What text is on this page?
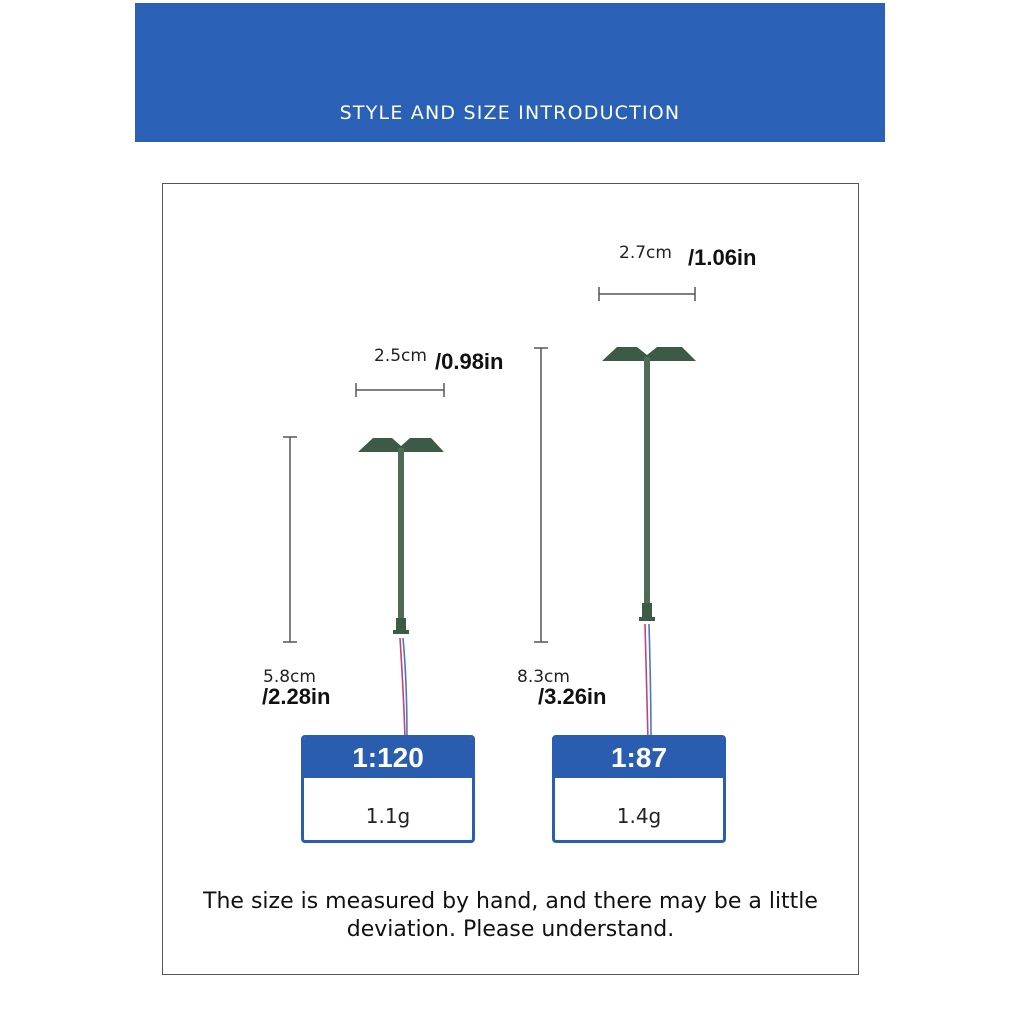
STYLE AND SIZE INTRODUCTION
2.5cm /0.98in
5.8cm
/2.28in
2.7cm /1.06in
8.3cm
/3.26in
1:120
1.1g
1:87
1.4g
The size is measured by hand, and there may be a little
deviation. Please understand.
